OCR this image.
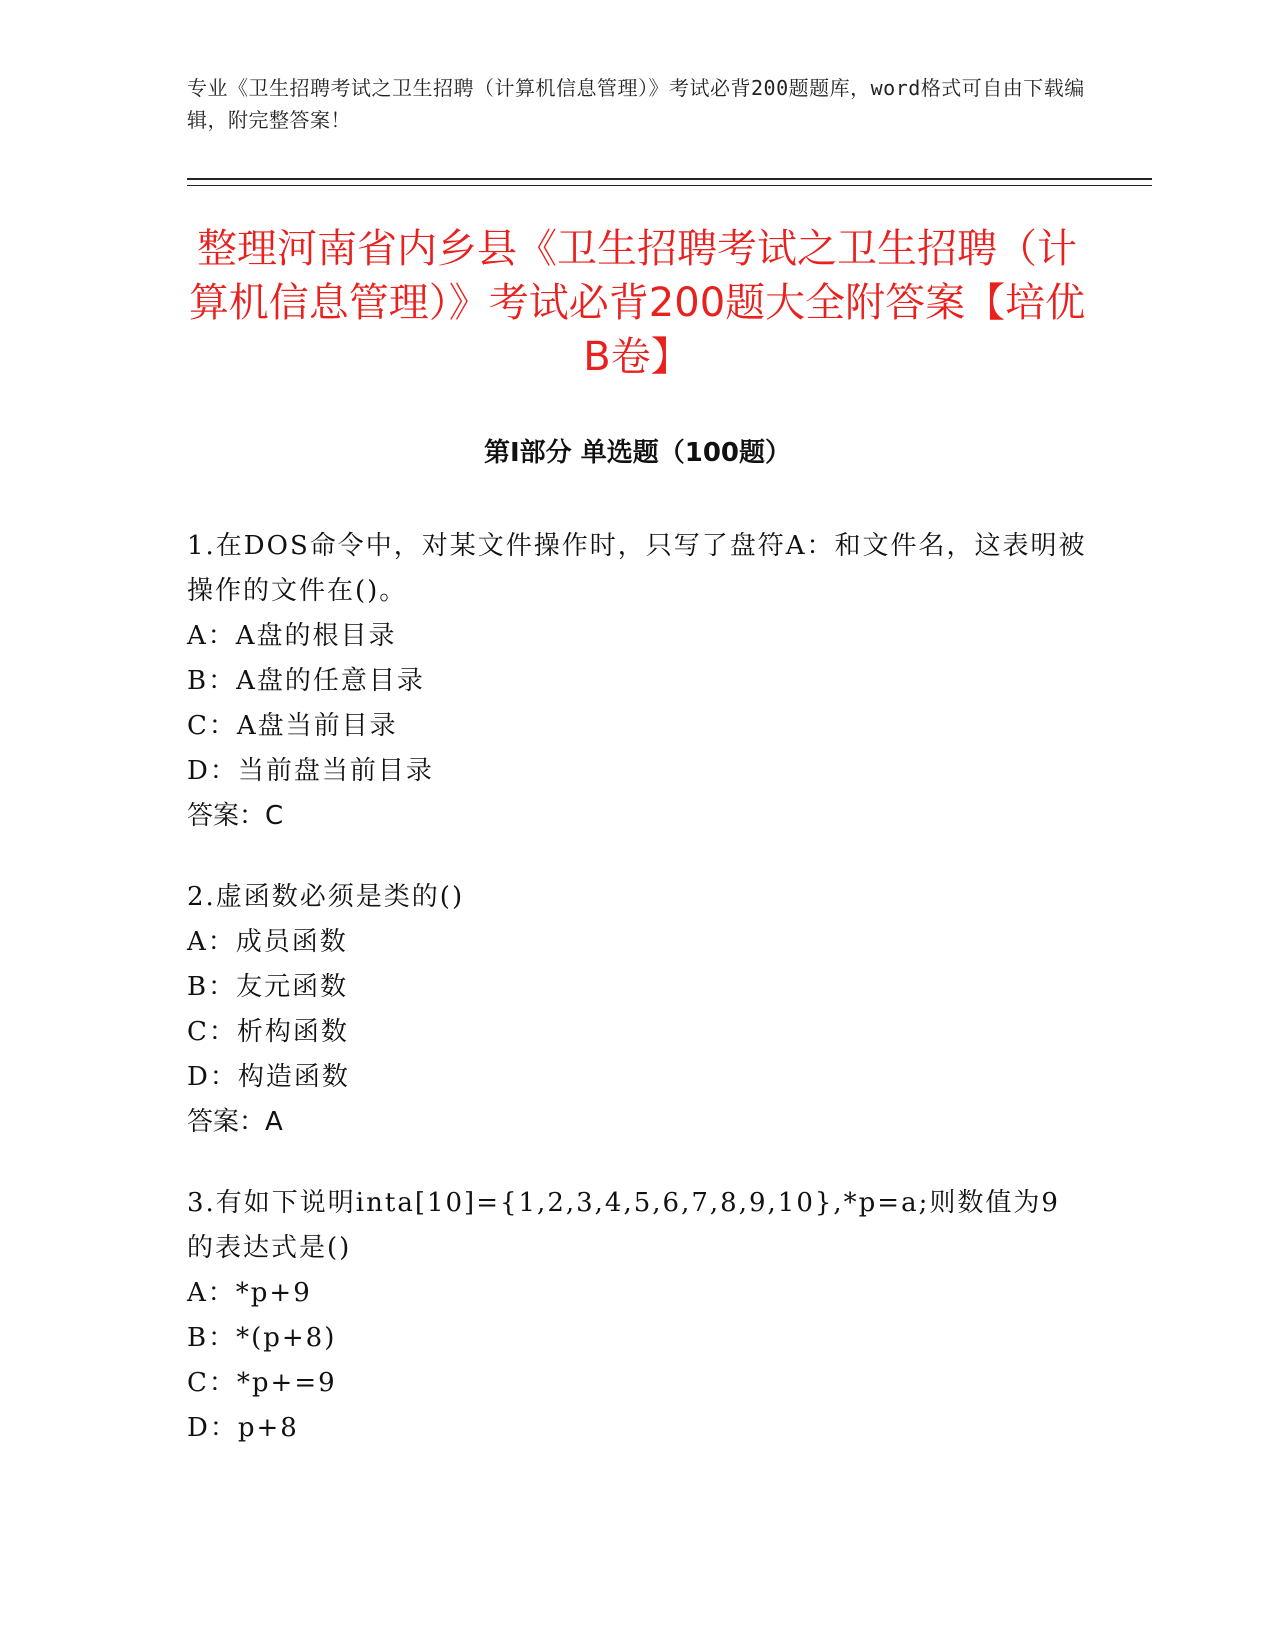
专业《卫生招聘考试之卫生招聘（计算机信息管理）》考试必背200题题库，word格式可自由下载编辑，附完整答案！
整理河南省内乡县《卫生招聘考试之卫生招聘（计算机信息管理）》考试必背200题大全附答案【培优B卷】
第Ⅰ部分 单选题（100题）
1.在DOS命令中，对某文件操作时，只写了盘符A：和文件名，这表明被操作的文件在()。
A：A盘的根目录
B：A盘的任意目录
C：A盘当前目录
D：当前盘当前目录
答案：C
2.虚函数必须是类的()
A：成员函数
B：友元函数
C：析构函数
D：构造函数
答案：A
3.有如下说明inta[10]={1,2,3,4,5,6,7,8,9,10},*p=a;则数值为9的表达式是()
A：*p+9
B：*(p+8)
C：*p+=9
D：p+8
